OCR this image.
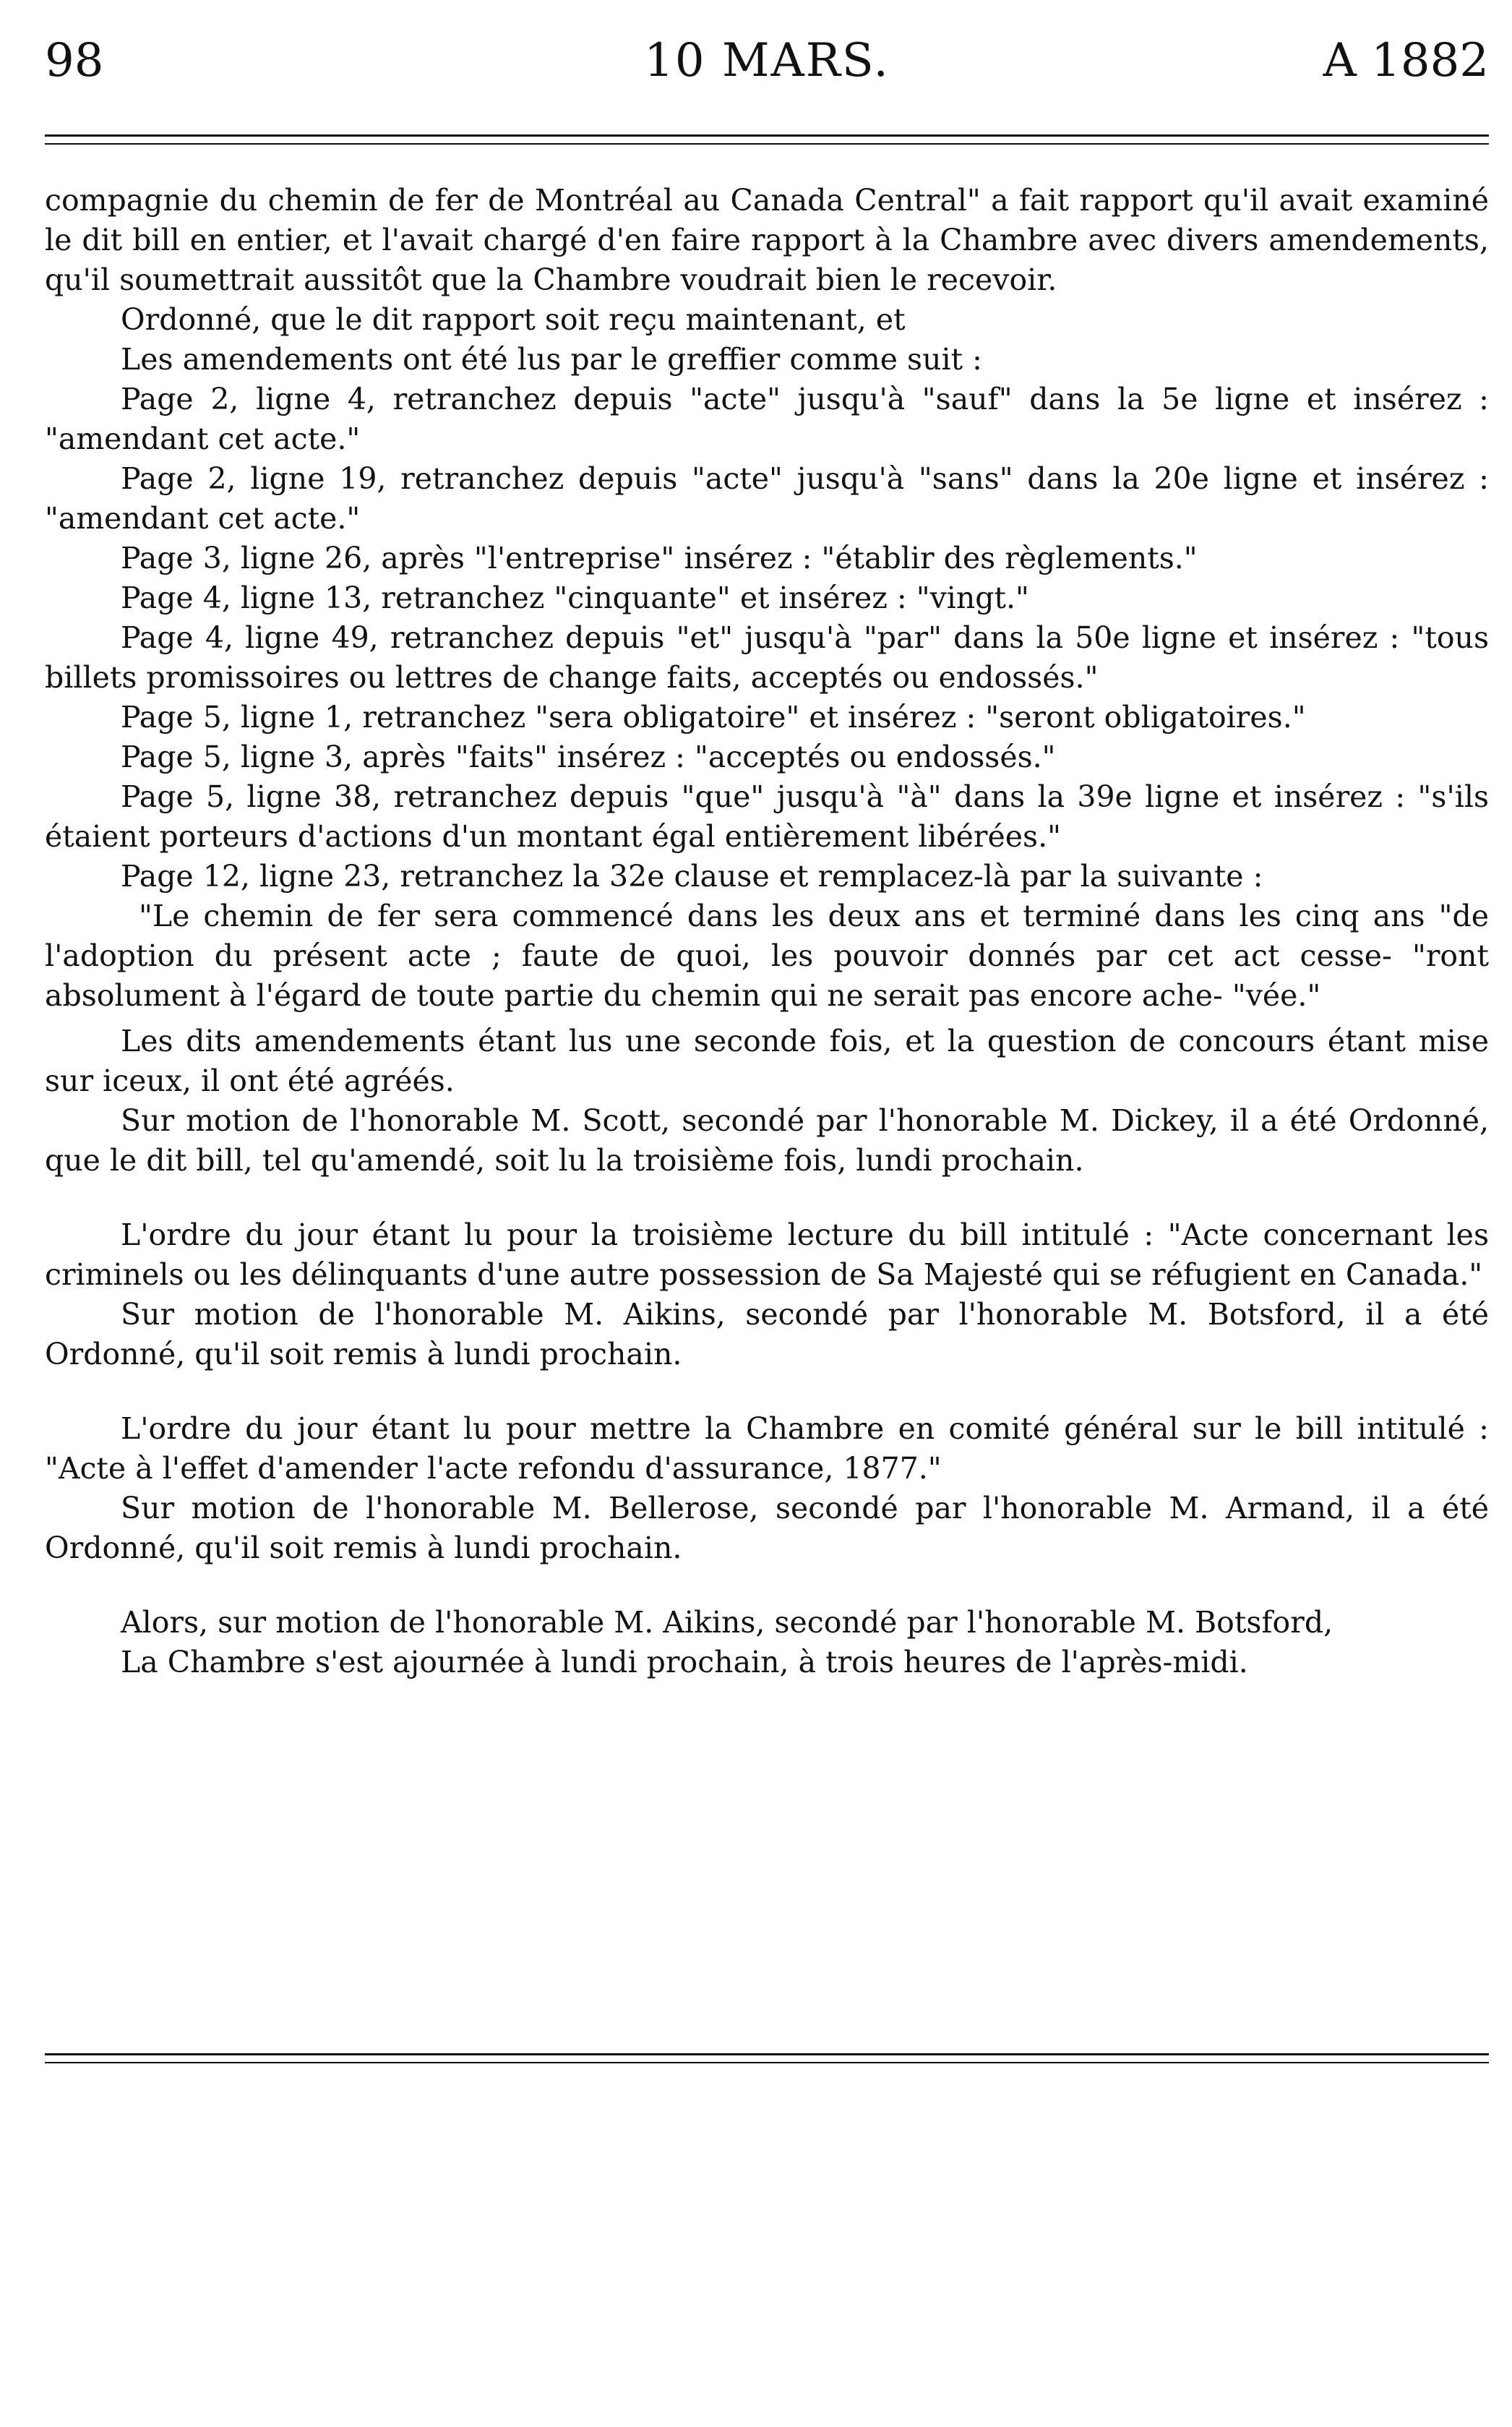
98	10 MARS.	A 1882

compagnie du chemin de fer de Montréal au Canada Central" a fait rapport qu'il avait examiné le dit bill en entier, et l'avait chargé d'en faire rapport à la Chambre avec divers amendements, qu'il soumettrait aussitôt que la Chambre voudrait bien le recevoir.

Ordonné, que le dit rapport soit reçu maintenant, et

Les amendements ont été lus par le greffier comme suit :

Page 2, ligne 4, retranchez depuis "acte" jusqu'à "sauf" dans la 5e ligne et insérez : "amendant cet acte."

Page 2, ligne 19, retranchez depuis "acte" jusqu'à "sans" dans la 20e ligne et insérez : "amendant cet acte."

Page 3, ligne 26, après "l'entreprise" insérez : "établir des règlements."

Page 4, ligne 13, retranchez "cinquante" et insérez : "vingt."

Page 4, ligne 49, retranchez depuis "et" jusqu'à "par" dans la 50e ligne et insérez : "tous billets promissoires ou lettres de change faits, acceptés ou endossés."

Page 5, ligne 1, retranchez "sera obligatoire" et insérez : "seront obligatoires."

Page 5, ligne 3, après "faits" insérez : "acceptés ou endossés."

Page 5, ligne 38, retranchez depuis "que" jusqu'à "à" dans la 39e ligne et insérez : "s'ils étaient porteurs d'actions d'un montant égal entièrement libérées."

Page 12, ligne 23, retranchez la 32e clause et remplacez-là par la suivante :

"Le chemin de fer sera commencé dans les deux ans et terminé dans les cinq ans "de l'adoption du présent acte ; faute de quoi, les pouvoir donnés par cet act cesse- "ront absolument à l'égard de toute partie du chemin qui ne serait pas encore ache- "vée."

Les dits amendements étant lus une seconde fois, et la question de concours étant mise sur iceux, il ont été agréés.

Sur motion de l'honorable M. Scott, secondé par l'honorable M. Dickey, il a été Ordonné, que le dit bill, tel qu'amendé, soit lu la troisième fois, lundi prochain.

L'ordre du jour étant lu pour la troisième lecture du bill intitulé : "Acte concernant les criminels ou les délinquants d'une autre possession de Sa Majesté qui se réfugient en Canada."

Sur motion de l'honorable M. Aikins, secondé par l'honorable M. Botsford, il a été Ordonné, qu'il soit remis à lundi prochain.

L'ordre du jour étant lu pour mettre la Chambre en comité général sur le bill intitulé : "Acte à l'effet d'amender l'acte refondu d'assurance, 1877."

Sur motion de l'honorable M. Bellerose, secondé par l'honorable M. Armand, il a été Ordonné, qu'il soit remis à lundi prochain.

Alors, sur motion de l'honorable M. Aikins, secondé par l'honorable M. Botsford,

La Chambre s'est ajournée à lundi prochain, à trois heures de l'après-midi.
